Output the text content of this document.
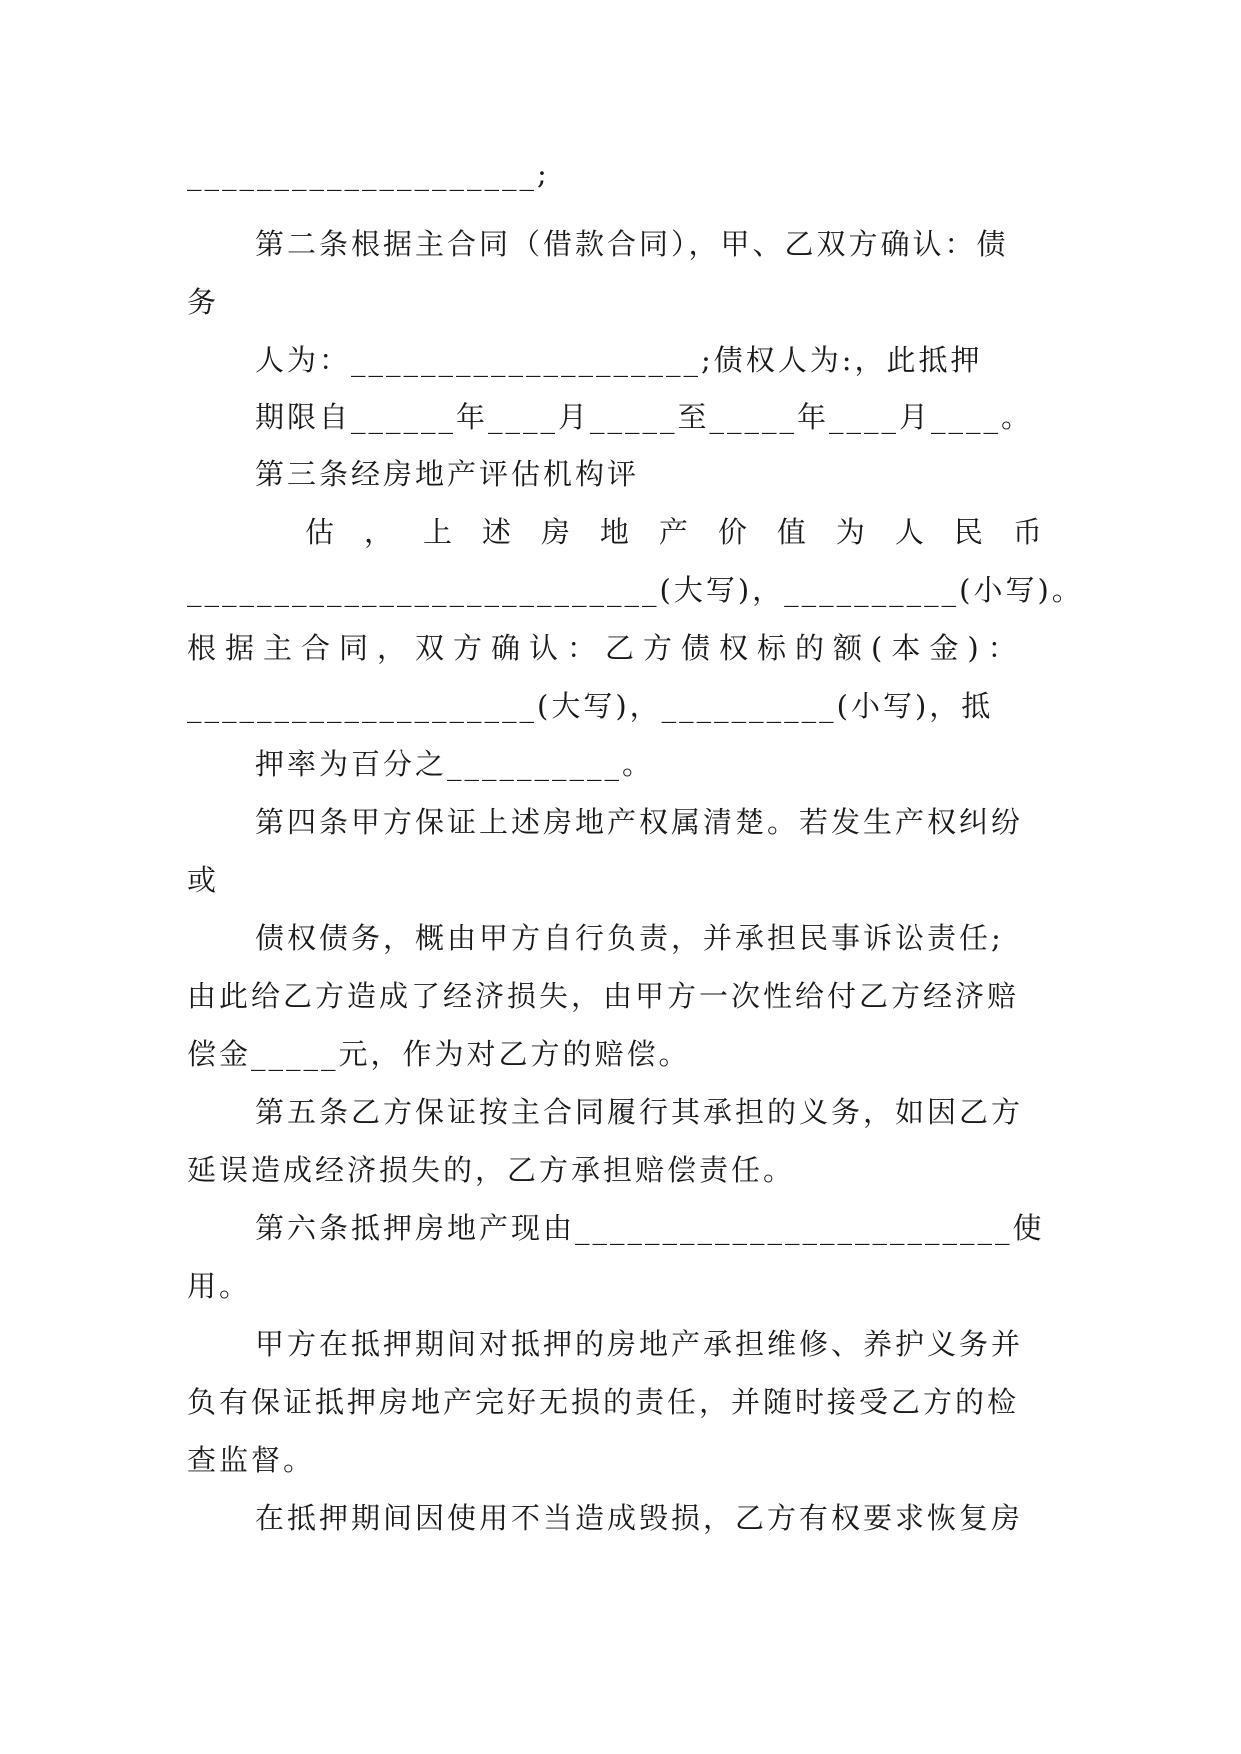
____________________;
第二条根据主合同（借款合同），甲、乙双方确认：债
务
人为：____________________;债权人为:，此抵押
期限自______年____月_____至_____年____月____。
第三条经房地产评估机构评
估 ， 上 述 房 地 产 价 值 为 人 民 币
___________________________(大写)，__________(小写)。
根据主合同，双方确认：乙方债权标的额(本金)：
____________________(大写)，__________(小写)，抵
押率为百分之__________。
第四条甲方保证上述房地产权属清楚。若发生产权纠纷
或
债权债务，概由甲方自行负责，并承担民事诉讼责任;
由此给乙方造成了经济损失，由甲方一次性给付乙方经济赔
偿金_____元，作为对乙方的赔偿。
第五条乙方保证按主合同履行其承担的义务，如因乙方
延误造成经济损失的，乙方承担赔偿责任。
第六条抵押房地产现由_________________________使
用。
甲方在抵押期间对抵押的房地产承担维修、养护义务并
负有保证抵押房地产完好无损的责任，并随时接受乙方的检
查监督。
在抵押期间因使用不当造成毁损，乙方有权要求恢复房
